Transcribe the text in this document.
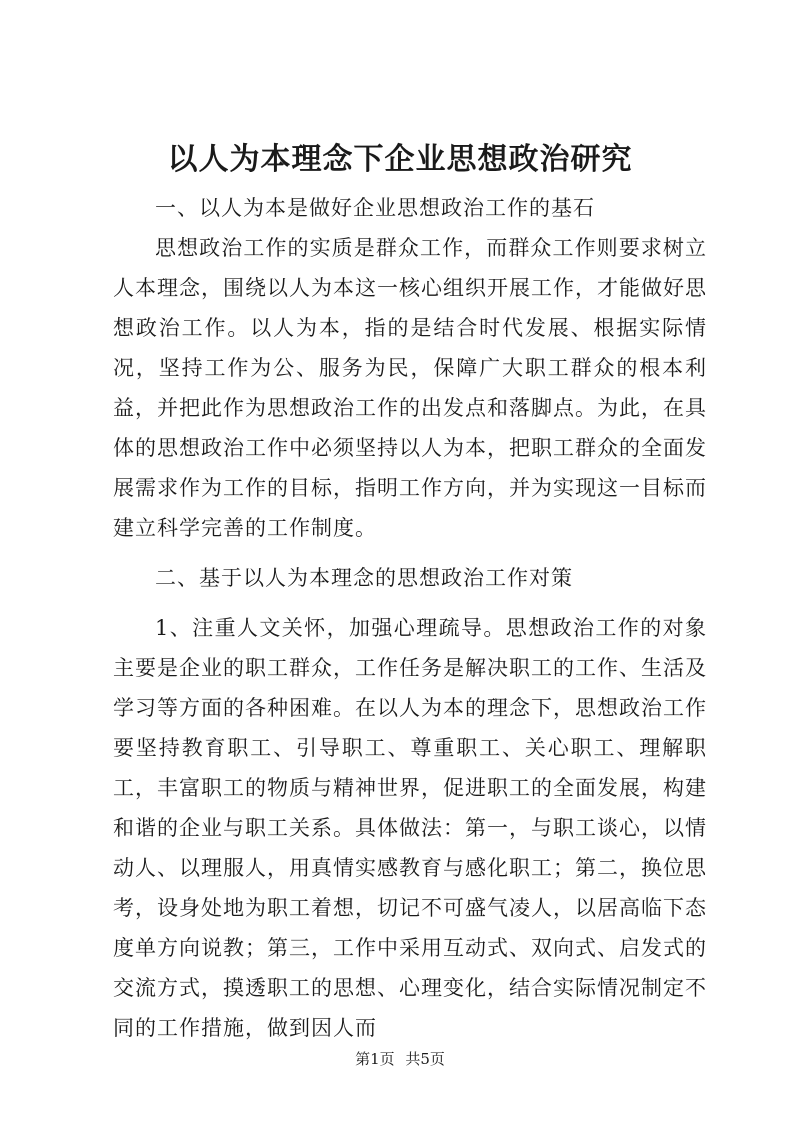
以人为本理念下企业思想政治研究

一、以人为本是做好企业思想政治工作的基石

思想政治工作的实质是群众工作，而群众工作则要求树立人本理念，围绕以人为本这一核心组织开展工作，才能做好思想政治工作。以人为本，指的是结合时代发展、根据实际情况，坚持工作为公、服务为民，保障广大职工群众的根本利益，并把此作为思想政治工作的出发点和落脚点。为此，在具体的思想政治工作中必须坚持以人为本，把职工群众的全面发展需求作为工作的目标，指明工作方向，并为实现这一目标而建立科学完善的工作制度。

二、基于以人为本理念的思想政治工作对策

1、注重人文关怀，加强心理疏导。思想政治工作的对象主要是企业的职工群众，工作任务是解决职工的工作、生活及学习等方面的各种困难。在以人为本的理念下，思想政治工作要坚持教育职工、引导职工、尊重职工、关心职工、理解职工，丰富职工的物质与精神世界，促进职工的全面发展，构建和谐的企业与职工关系。具体做法：第一，与职工谈心，以情动人、以理服人，用真情实感教育与感化职工；第二，换位思考，设身处地为职工着想，切记不可盛气凌人，以居高临下态度单方向说教；第三，工作中采用互动式、双向式、启发式的交流方式，摸透职工的思想、心理变化，结合实际情况制定不同的工作措施，做到因人而

第1页 共5页
